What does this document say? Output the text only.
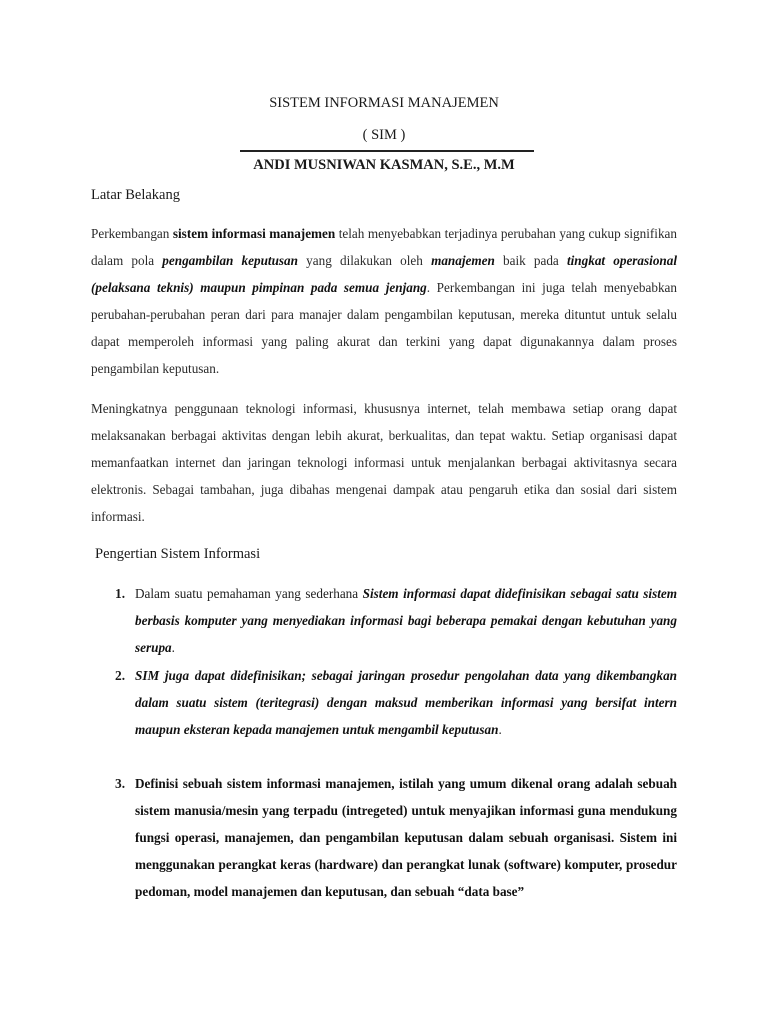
SISTEM INFORMASI MANAJEMEN
( SIM )
ANDI MUSNIWAN KASMAN, S.E., M.M
Latar Belakang

Perkembangan sistem informasi manajemen telah menyebabkan terjadinya perubahan yang cukup signifikan dalam pola pengambilan keputusan yang dilakukan oleh manajemen baik pada tingkat operasional (pelaksana teknis) maupun pimpinan pada semua jenjang. Perkembangan ini juga telah menyebabkan perubahan-perubahan peran dari para manajer dalam pengambilan keputusan, mereka dituntut untuk selalu dapat memperoleh informasi yang paling akurat dan terkini yang dapat digunakannya dalam proses pengambilan keputusan.

Meningkatnya penggunaan teknologi informasi, khususnya internet, telah membawa setiap orang dapat melaksanakan berbagai aktivitas dengan lebih akurat, berkualitas, dan tepat waktu. Setiap organisasi dapat memanfaatkan internet dan jaringan teknologi informasi untuk menjalankan berbagai aktivitasnya secara elektronis. Sebagai tambahan, juga dibahas mengenai dampak atau pengaruh etika dan sosial dari sistem informasi.

Pengertian Sistem Informasi
1. Dalam suatu pemahaman yang sederhana Sistem informasi dapat didefinisikan sebagai satu sistem berbasis komputer yang menyediakan informasi bagi beberapa pemakai dengan kebutuhan yang serupa.

2. SIM juga dapat didefinisikan; sebagai jaringan prosedur pengolahan data yang dikembangkan dalam suatu sistem (teritegrasi) dengan maksud memberikan informasi yang bersifat intern maupun eksteran kepada manajemen untuk mengambil keputusan.

3. Definisi sebuah sistem informasi manajemen, istilah yang umum dikenal orang adalah sebuah sistem manusia/mesin yang terpadu (intregeted) untuk menyajikan informasi guna mendukung fungsi operasi, manajemen, dan pengambilan keputusan dalam sebuah organisasi. Sistem ini menggunakan perangkat keras (hardware) dan perangkat lunak (software) komputer, prosedur pedoman, model manajemen dan keputusan, dan sebuah “data base”
